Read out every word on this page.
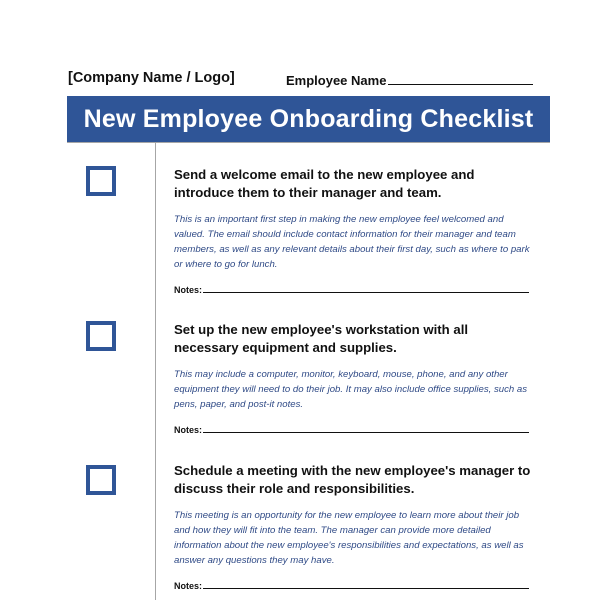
[Company Name / Logo]	Employee Name
New Employee Onboarding Checklist

Send a welcome email to the new employee and introduce them to their manager and team.

This is an important first step in making the new employee feel welcomed and valued. The email should include contact information for their manager and team members, as well as any relevant details about their first day, such as where to park or where to go for lunch.
Notes:

Set up the new employee's workstation with all necessary equipment and supplies.

This may include a computer, monitor, keyboard, mouse, phone, and any other equipment they will need to do their job. It may also include office supplies, such as pens, paper, and post-it notes.
Notes:

Schedule a meeting with the new employee's manager to discuss their role and responsibilities.

This meeting is an opportunity for the new employee to learn more about their job and how they will fit into the team. The manager can provide more detailed information about the new employee's responsibilities and expectations, as well as answer any questions they may have.
Notes:
